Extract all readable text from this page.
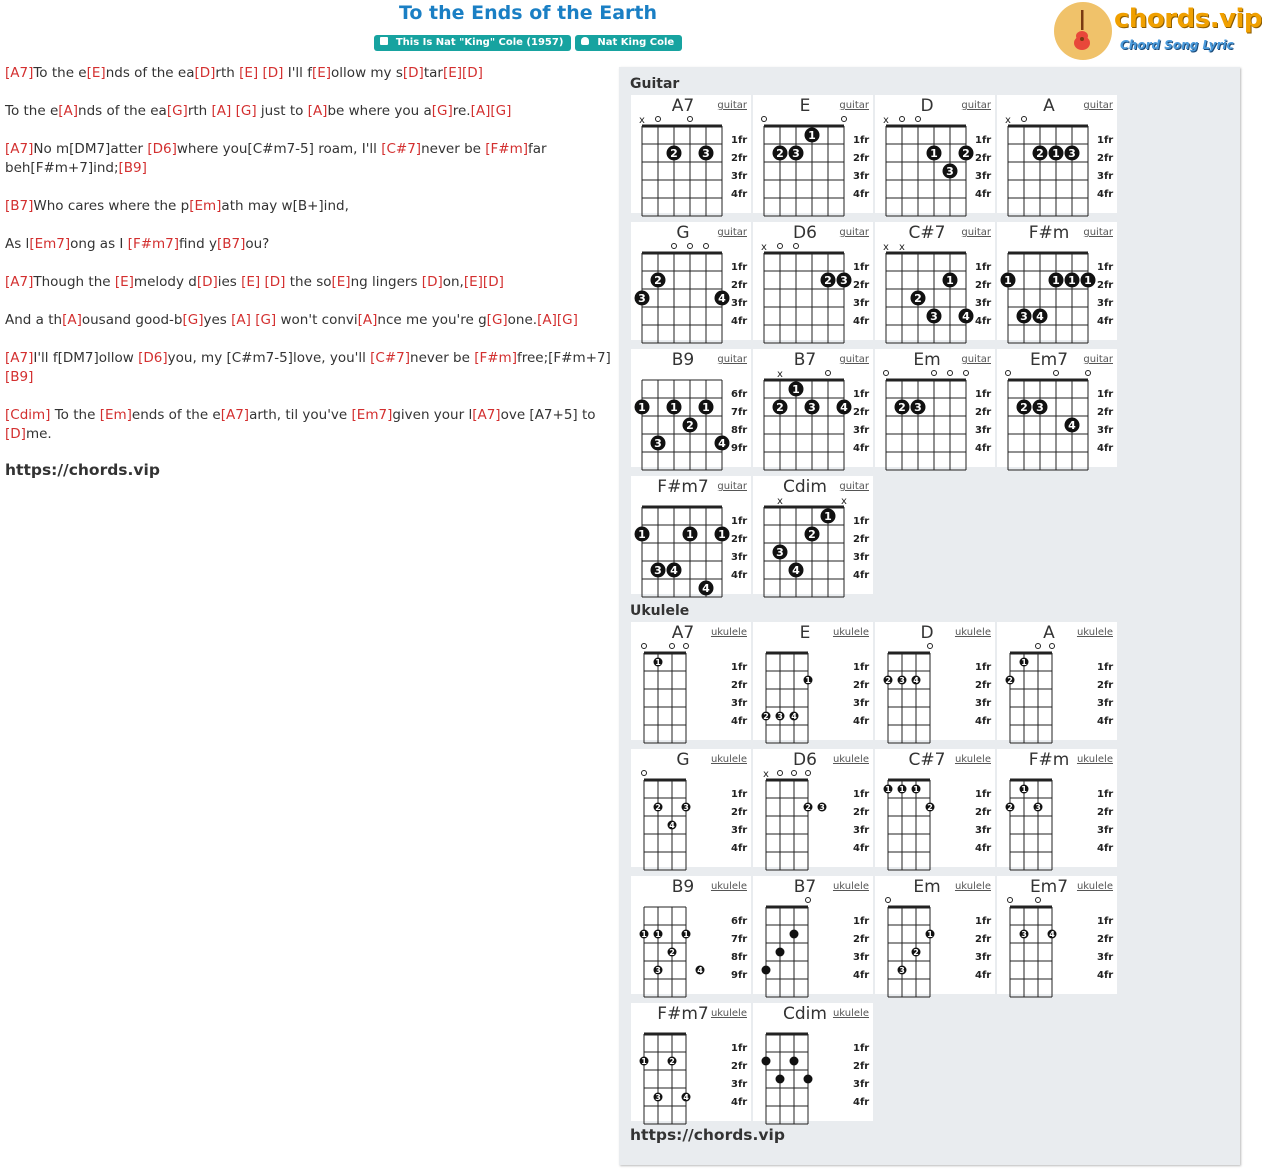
To the Ends of the Earth
This Is Nat "King" Cole (1957)	Nat King Cole
chords.vip
Chord Song Lyric
[A7]To the e[E]nds of the ea[D]rth [E] [D] I'll f[E]ollow my s[D]tar[E][D]
To the e[A]nds of the ea[G]rth [A] [G] just to [A]be where you a[G]re.[A][G]
[A7]No m[DM7]atter [D6]where you[C#m7-5] roam, I'll [C#7]never be [F#m]far beh[F#m+7]ind;[B9]
[B7]Who cares where the p[Em]ath may w[B+]ind,
As l[Em7]ong as I [F#m7]find y[B7]ou?
[A7]Though the [E]melody d[D]ies [E] [D] the so[E]ng lingers [D]on,[E][D]
And a th[A]ousand good-b[G]yes [A] [G] won't convi[A]nce me you're g[G]one.[A][G]
[A7]I'll f[DM7]ollow [D6]you, my [C#m7-5]love, you'll [C#7]never be [F#m]free;[F#m+7][B9]
[Cdim] To the [Em]ends of the e[A7]arth, til you've [Em7]given your l[A7]ove [A7+5] to [D]me.
https://chords.vip
Guitar
1fr
2fr
3fr
4fr
x
2 3
A7	guitar
1fr
2fr
3fr
4fr
1
2 3
E	guitar
1fr
2fr
3fr
4fr
x
1 2
3
D	guitar
1fr
2fr
3fr
4fr
x
2 1 3
A	guitar
1fr
2fr
3fr
4fr
2
3	4
G	guitar
1fr
2fr
3fr
4fr
x
2 3
D6	guitar
1fr
2fr
3fr
4fr
x x
1
2
3 4
C#7	guitar
1fr
2fr
3fr
4fr
1	1 1 1
3 4
F#m	guitar
6fr
7fr
8fr
9fr
1 1 1
2
3	4
B9	guitar
1fr
2fr
3fr
4fr
x
1
2 3 4
B7	guitar
1fr
2fr
3fr
4fr
2 3
Em	guitar
1fr
2fr
3fr
4fr
2 3
4
Em7	guitar
1fr
2fr
3fr
4fr
1	1 1
3 4
4
F#m7 guitar
1fr
2fr
3fr
4fr
x	x
1
2
3
4
Cdim	guitar
Ukulele
1fr
2fr
3fr
4fr
1
A7	ukulele
1fr
2fr
3fr
4fr
1
2 3 4
E	ukulele
1fr
2fr
3fr
4fr
2 3 4
D	ukulele
1fr
2fr
3fr
4fr
1
2
A	ukulele
1fr
2fr
3fr
4fr
2	3
4
G	ukulele
1fr
2fr
3fr
4fr
x
2 3
D6	ukulele
1fr
2fr
3fr
4fr
1 1 1
2
C#7 ukulele
1fr
2fr
3fr
4fr
1
2	3
F#m ukulele
6fr
7fr
8fr
9fr
1 1	1
2
3	4
B9	ukulele
1fr
2fr
3fr
4fr
B7	ukulele
1fr
2fr
3fr
4fr
1
2
3
Em	ukulele
1fr
2fr
3fr
4fr
3	4
Em7 ukulele
1fr
2fr
3fr
4fr
1	2
3	4
F#m7 ukulele
1fr
2fr
3fr
4fr
Cdim ukulele
https://chords.vip
